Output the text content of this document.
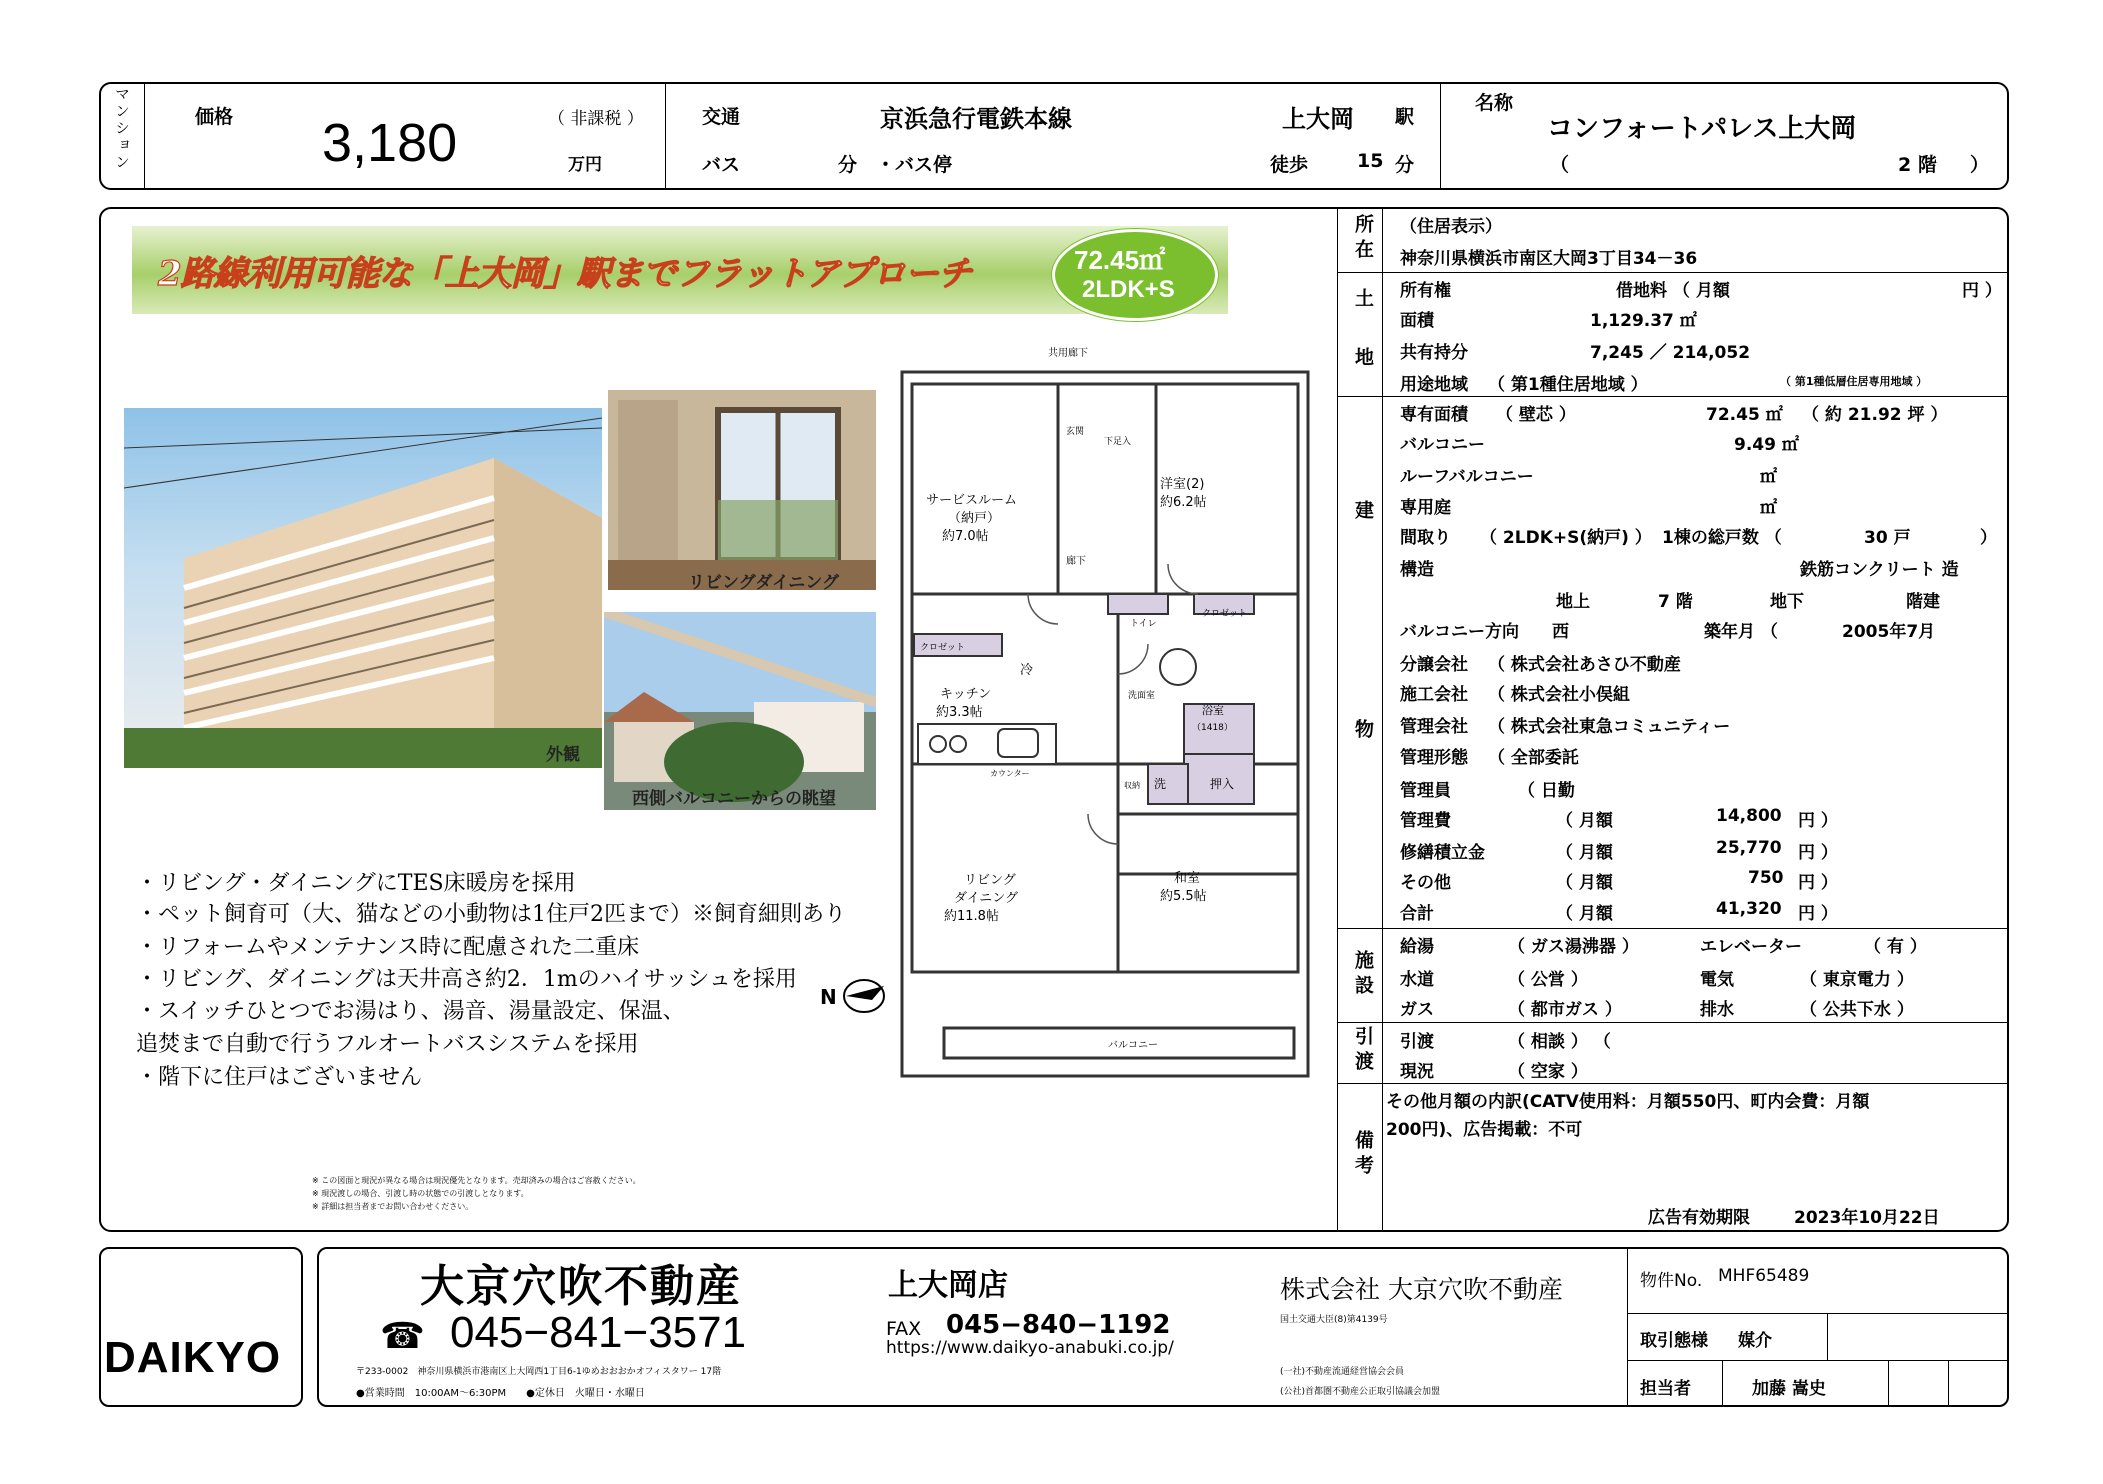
マンション	価格 3,180	（ 非課税 ）
万円
交通	京浜急行電鉄本線	上大岡 駅
バス	分 ・バス停	徒歩	15 分
名称
コンフォートパレス上大岡
（	2 階 ）
2路線利用可能な「上大岡」駅までフラットアプローチ	72.45㎡
2LDK+S
外観
リビングダイニング
西側バルコニーからの眺望
共用廊下
サービスルーム
（納戸）
約7.0帖
洋室(2)
約6.2帖
クロゼット
クロゼット
廊下
玄関
下足入
キッチン
約3.3帖
冷
カウンター
洗面室
浴室
（1418）
トイレ
洗
収納	押入
リビング
ダイニング
約11.8帖
和室
約5.5帖
バルコニー
N
・リビング・ダイニングにTES床暖房を採用
・ペット飼育可（大、猫などの小動物は1住戸2匹まで）※飼育細則あり
・リフォームやメンテナンス時に配慮された二重床
・リビング、ダイニングは天井高さ約2．1mのハイサッシュを採用
・スイッチひとつでお湯はり、湯音、湯量設定、保温、
追焚まで自動で行うフルオートバスシステムを採用
・階下に住戸はございません
※ この図面と現況が異なる場合は現況優先となります。売却済みの場合はご容赦ください。
※ 現況渡しの場合、引渡し時の状態での引渡しとなります。
※ 詳細は担当者までお問い合わせください。
所在 （住居表示）
神奈川県横浜市南区大岡3丁目34－36
土地 所有権	借地料 （ 月額	円 ）
面積	1,129.37 ㎡
共有持分	7,245 ／ 214,052
用途地域 （ 第1種住居地域 ）	（ 第1種低層住居専用地域 ）
建物
専有面積 （ 壁芯 ）	72.45 ㎡ （ 約 21.92 坪 ）
バルコニー	9.49 ㎡
ルーフバルコニー	㎡
専用庭	㎡
間取り （ 2LDK+S(納戸) ） 1棟の総戸数 （	30 戸	）
構造	鉄筋コンクリート 造
地上	7 階	地下	階建
バルコニー方向 西	築年月 （	2005年7月
分譲会社 （ 株式会社あさひ不動産
施工会社 （ 株式会社小俣組
管理会社 （ 株式会社東急コミュニティー
管理形態 （ 全部委託
管理員	（ 日勤
管理費	（ 月額	14,800 円 ）
修繕積立金	（ 月額	25,770 円 ）
その他	（ 月額	750 円 ）
合計	（ 月額	41,320 円 ）
施設
給湯	（ ガス湯沸器 ）	エレベーター	（ 有 ）
水道	（ 公営 ）	電気	（ 東京電力 ）
ガス	（ 都市ガス ）	排水	（ 公共下水 ）
引渡 引渡	（ 相談 ） （
現況	（ 空家 ）
備考
その他月額の内訳(CATV使用料：月額550円、町内会費：月額
200円)、広告掲載：不可
広告有効期限	2023年10月22日
DAIKYO
大京穴吹不動産	上大岡店
☎ 045−841−3571	FAX 045−840−1192
https://www.daikyo-anabuki.co.jp/
〒233-0002　神奈川県横浜市港南区上大岡西1丁目6-1ゆめおおおかオフィスタワー 17階
●営業時間　10:00AM〜6:30PM　　●定休日　火曜日・水曜日
株式会社 大京穴吹不動産
国土交通大臣(8)第4139号
(一社)不動産流通経営協会会員
(公社)首都圏不動産公正取引協議会加盟
物件No. MHF65489
取引態様 媒介
担当者	加藤 嵩史
